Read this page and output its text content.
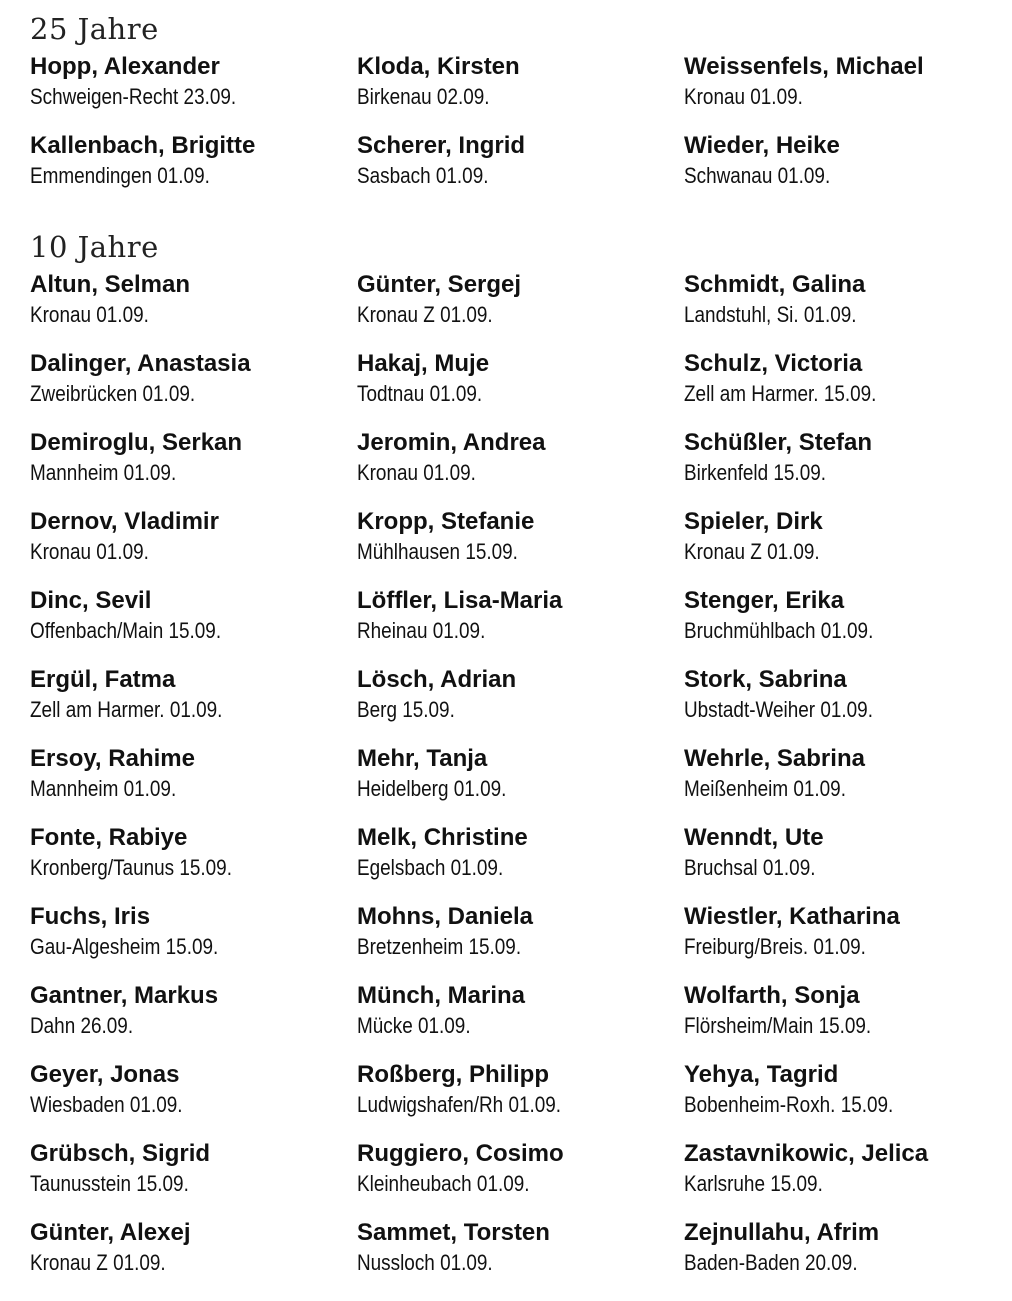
25 Jahre
Hopp, Alexander
Schweigen-Recht 23.09.
Kloda, Kirsten
Birkenau 02.09.
Weissenfels, Michael
Kronau 01.09.
Kallenbach, Brigitte
Emmendingen 01.09.
Scherer, Ingrid
Sasbach 01.09.
Wieder, Heike
Schwanau 01.09.
10 Jahre
Altun, Selman
Kronau 01.09.
Günter, Sergej
Kronau Z 01.09.
Schmidt, Galina
Landstuhl, Si. 01.09.
Dalinger, Anastasia
Zweibrücken 01.09.
Hakaj, Muje
Todtnau 01.09.
Schulz, Victoria
Zell am Harmer. 15.09.
Demiroglu, Serkan
Mannheim 01.09.
Jeromin, Andrea
Kronau 01.09.
Schüßler, Stefan
Birkenfeld 15.09.
Dernov, Vladimir
Kronau 01.09.
Kropp, Stefanie
Mühlhausen 15.09.
Spieler, Dirk
Kronau Z 01.09.
Dinc, Sevil
Offenbach/Main 15.09.
Löffler, Lisa-Maria
Rheinau 01.09.
Stenger, Erika
Bruchmühlbach 01.09.
Ergül, Fatma
Zell am Harmer. 01.09.
Lösch, Adrian
Berg 15.09.
Stork, Sabrina
Ubstadt-Weiher 01.09.
Ersoy, Rahime
Mannheim 01.09.
Mehr, Tanja
Heidelberg 01.09.
Wehrle, Sabrina
Meißenheim 01.09.
Fonte, Rabiye
Kronberg/Taunus 15.09.
Melk, Christine
Egelsbach 01.09.
Wenndt, Ute
Bruchsal 01.09.
Fuchs, Iris
Gau-Algesheim 15.09.
Mohns, Daniela
Bretzenheim 15.09.
Wiestler, Katharina
Freiburg/Breis. 01.09.
Gantner, Markus
Dahn 26.09.
Münch, Marina
Mücke 01.09.
Wolfarth, Sonja
Flörsheim/Main 15.09.
Geyer, Jonas
Wiesbaden 01.09.
Roßberg, Philipp
Ludwigshafen/Rh 01.09.
Yehya, Tagrid
Bobenheim-Roxh. 15.09.
Grübsch, Sigrid
Taunusstein 15.09.
Ruggiero, Cosimo
Kleinheubach 01.09.
Zastavnikowic, Jelica
Karlsruhe 15.09.
Günter, Alexej
Kronau Z 01.09.
Sammet, Torsten
Nussloch 01.09.
Zejnullahu, Afrim
Baden-Baden 20.09.
